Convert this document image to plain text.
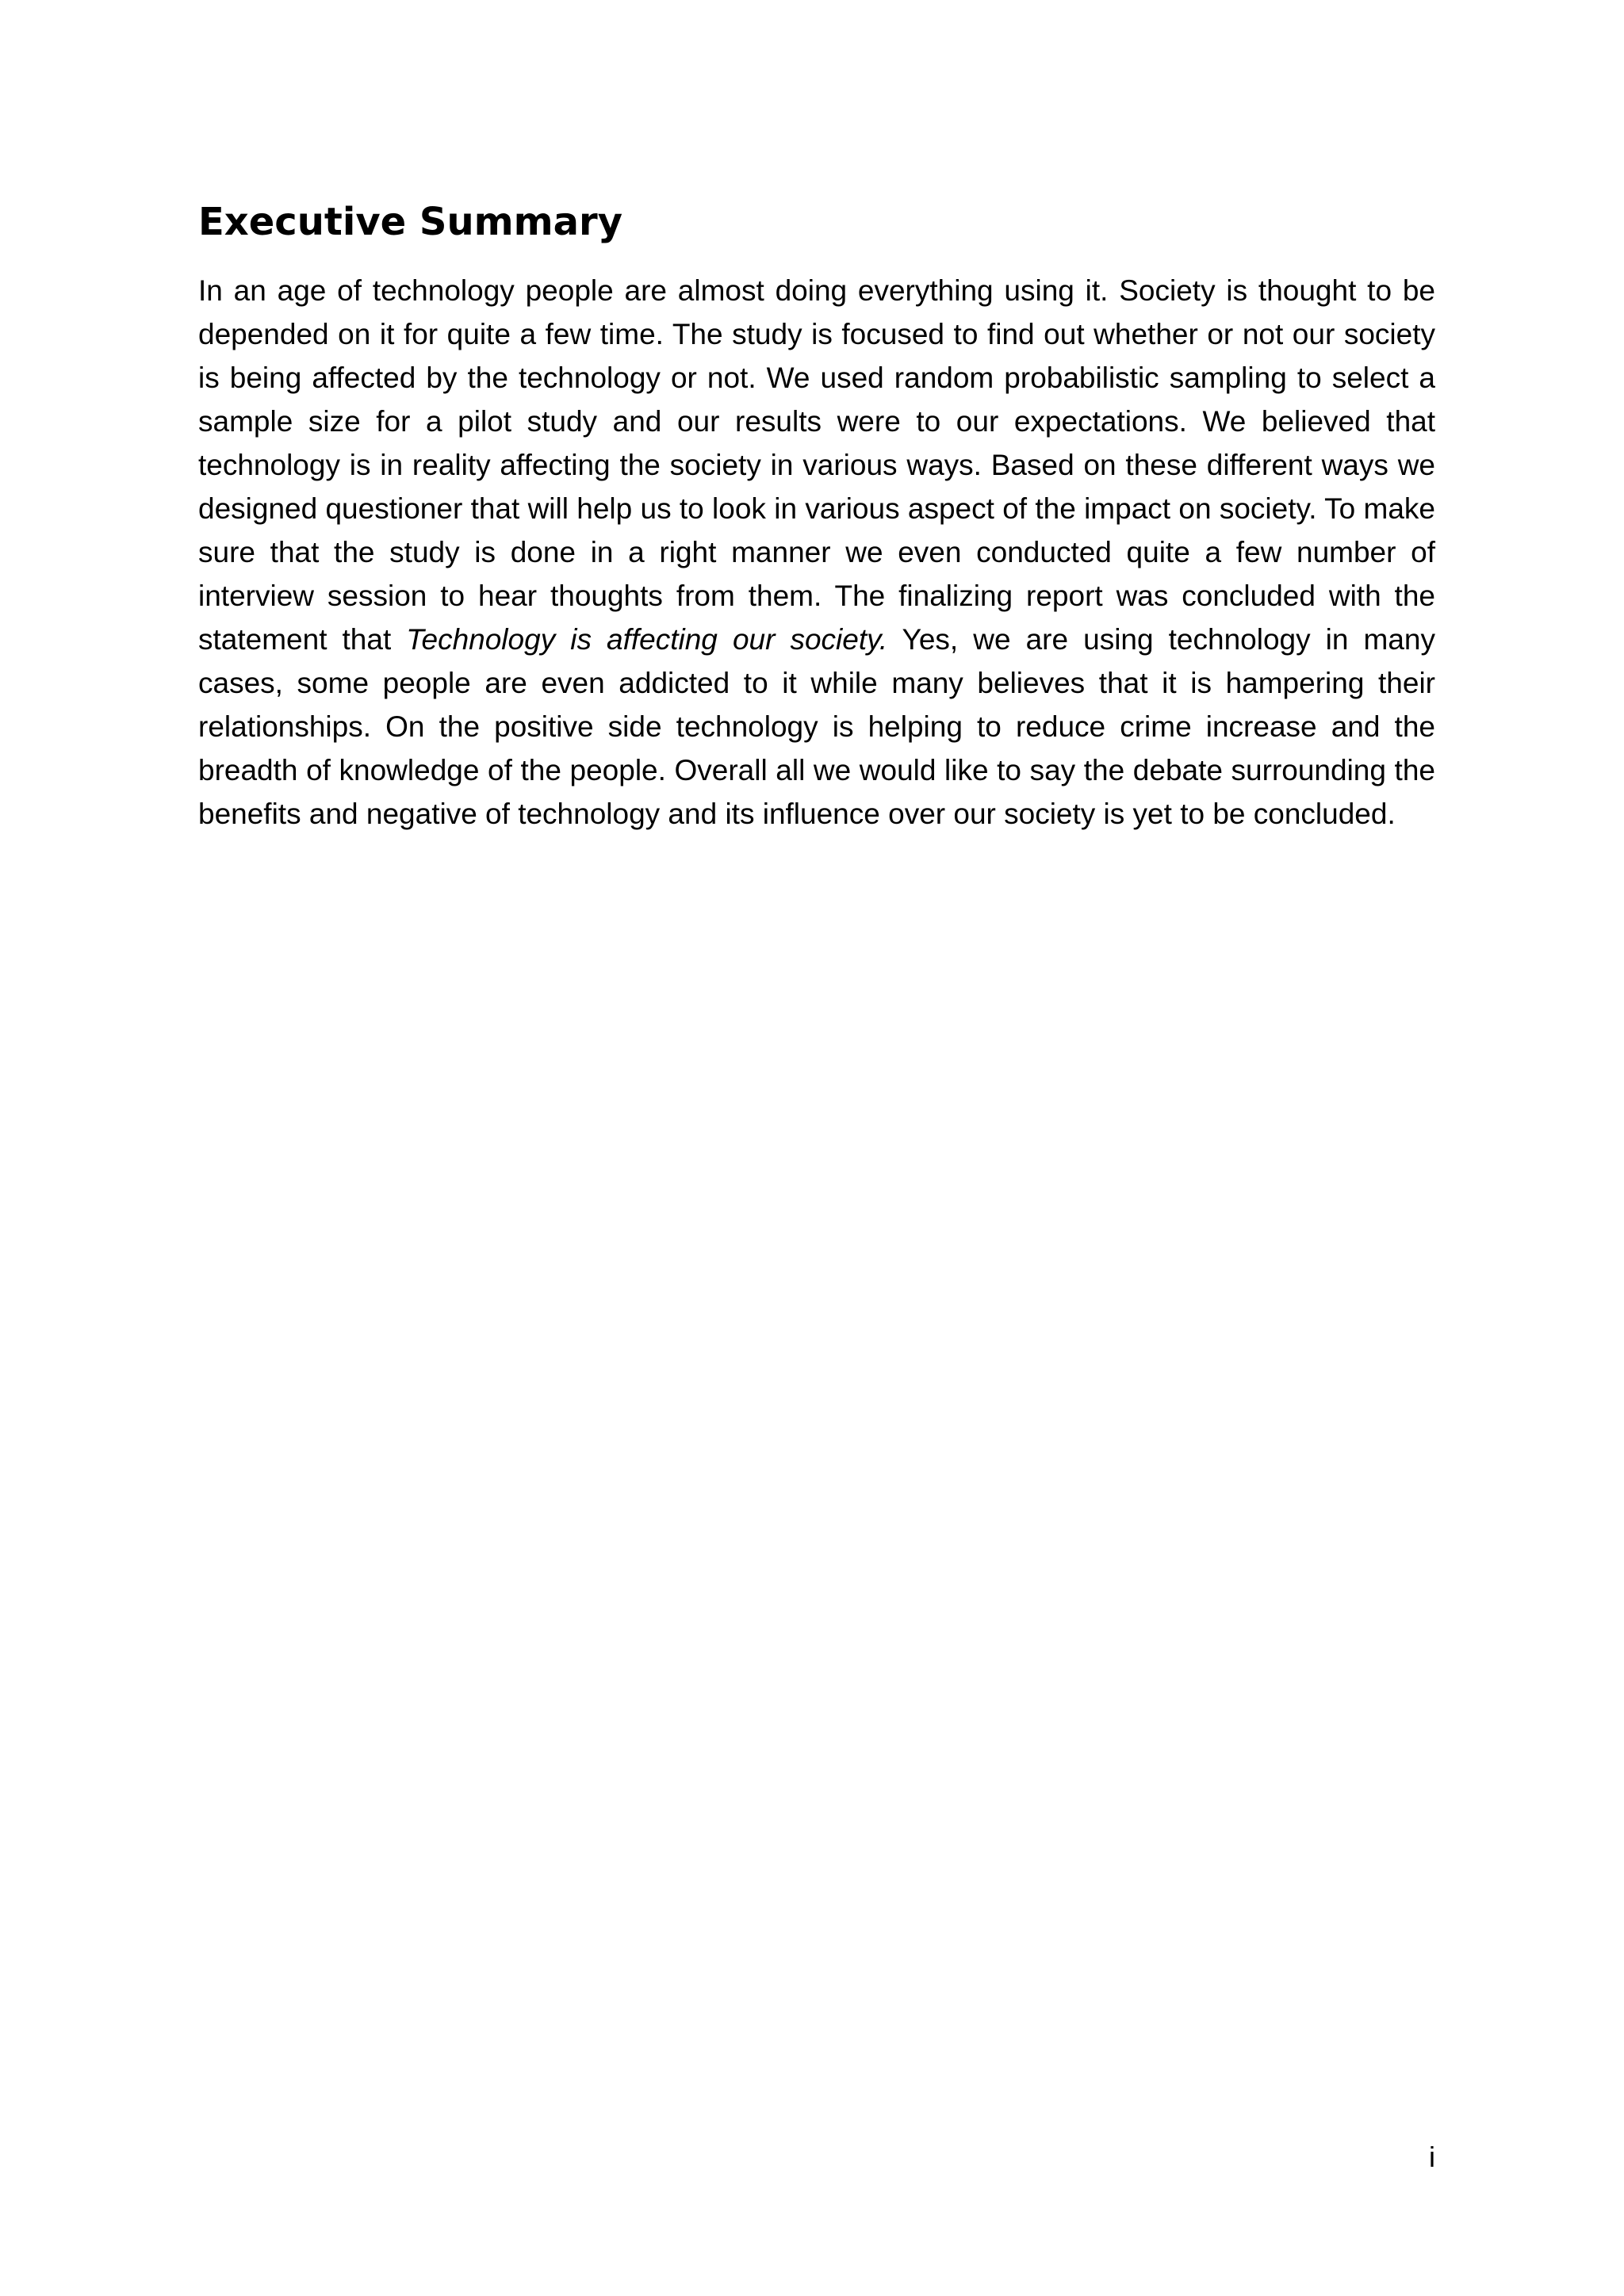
Executive Summary

In an age of technology people are almost doing everything using it. Society is thought to be depended on it for quite a few time. The study is focused to find out whether or not our society is being affected by the technology or not. We used random probabilistic sampling to select a sample size for a pilot study and our results were to our expectations. We believed that technology is in reality affecting the society in various ways. Based on these different ways we designed questioner that will help us to look in various aspect of the impact on society. To make sure that the study is done in a right manner we even conducted quite a few number of interview session to hear thoughts from them. The finalizing report was concluded with the statement that Technology is affecting our society. Yes, we are using technology in many cases, some people are even addicted to it while many believes that it is hampering their relationships. On the positive side technology is helping to reduce crime increase and the breadth of knowledge of the people. Overall all we would like to say the debate surrounding the benefits and negative of technology and its influence over our society is yet to be concluded.

i
